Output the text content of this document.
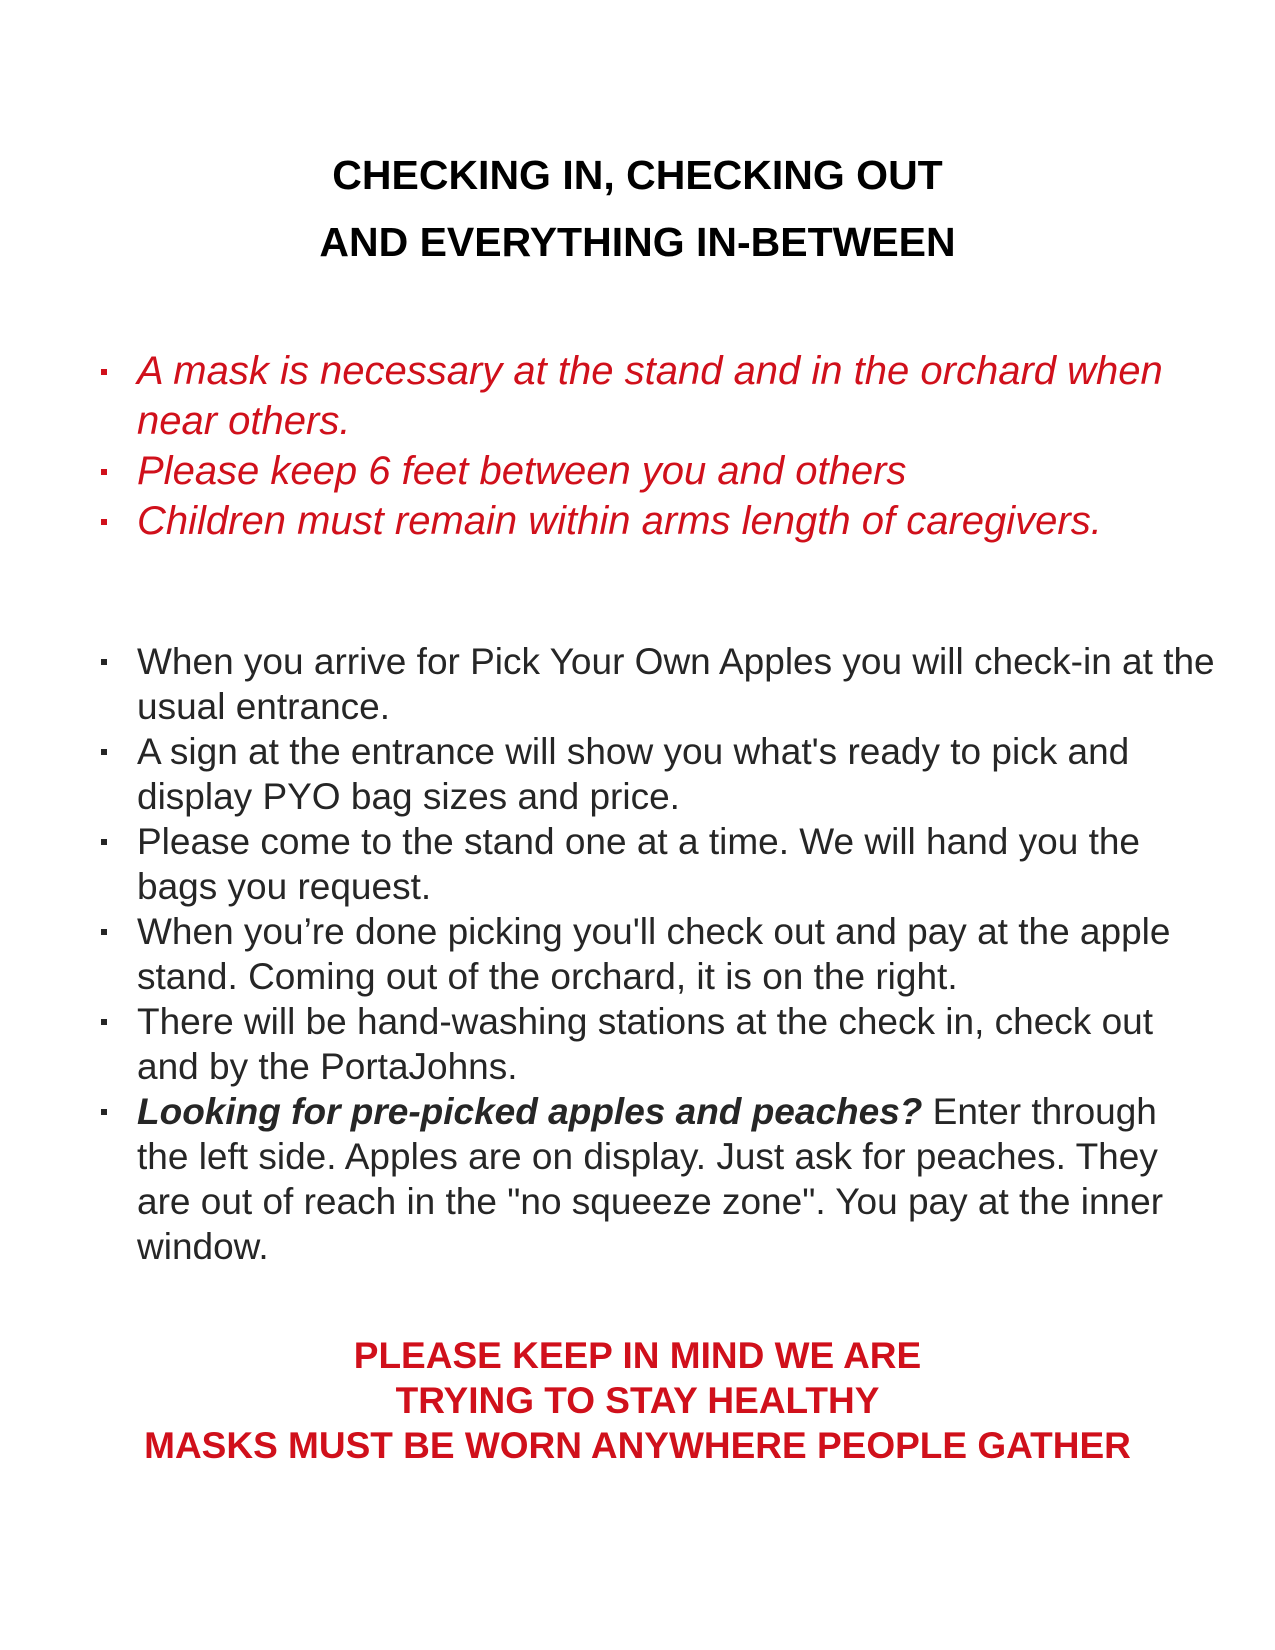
CHECKING IN, CHECKING OUT
AND EVERYTHING IN-BETWEEN
A mask is necessary at the stand and in the orchard when near others.
Please keep 6 feet between you and others
Children must remain within arms length of caregivers.
When you arrive for Pick Your Own Apples you will check-in at the usual entrance.
A sign at the entrance will show you what's ready to pick and display PYO bag sizes and price.
Please come to the stand one at a time. We will hand you the bags you request.
When you’re done picking you'll check out and pay at the apple stand. Coming out of the orchard, it is on the right.
There will be hand-washing stations at the check in, check out and by the PortaJohns.
Looking for pre-picked apples and peaches? Enter through the left side. Apples are on display. Just ask for peaches. They are out of reach in the "no squeeze zone". You pay at the inner window.
PLEASE KEEP IN MIND WE ARE
TRYING TO STAY HEALTHY
MASKS MUST BE WORN ANYWHERE PEOPLE GATHER
